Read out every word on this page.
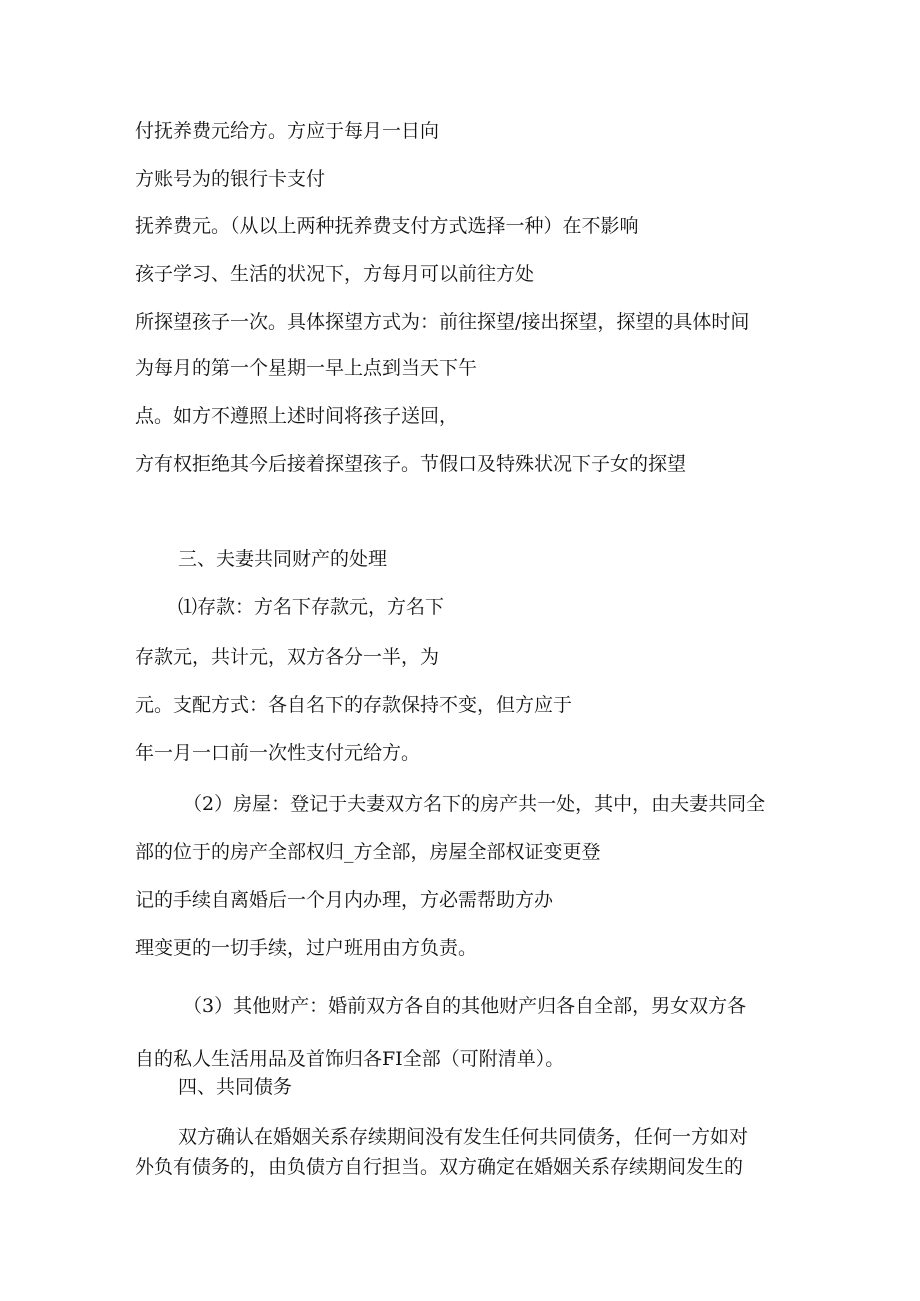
付抚养费元给方。方应于每月一日向
方账号为的银行卡支付
抚养费元。（从以上两种抚养费支付方式选择一种）在不影响
孩子学习、生活的状况下，方每月可以前往方处
所探望孩子一次。具体探望方式为：前往探望/接出探望，探望的具体时间
为每月的第一个星期一早上点到当天下午
点。如方不遵照上述时间将孩子送回，
方有权拒绝其今后接着探望孩子。节假口及特殊状况下子女的探望
三、夫妻共同财产的处理
⑴存款：方名下存款元，方名下
存款元，共计元，双方各分一半，为
元。支配方式：各自名下的存款保持不变，但方应于
年一月一口前一次性支付元给方。
（2）房屋：登记于夫妻双方名下的房产共一处，其中，由夫妻共同全
部的位于的房产全部权归_方全部，房屋全部权证变更登
记的手续自离婚后一个月内办理，方必需帮助方办
理变更的一切手续，过户班用由方负责。
（3）其他财产：婚前双方各自的其他财产归各自全部，男女双方各
自的私人生活用品及首饰归各FI全部（可附清单）。
四、共同债务
双方确认在婚姻关系存续期间没有发生任何共同债务，任何一方如对
外负有债务的，由负债方自行担当。双方确定在婚姻关系存续期间发生的
